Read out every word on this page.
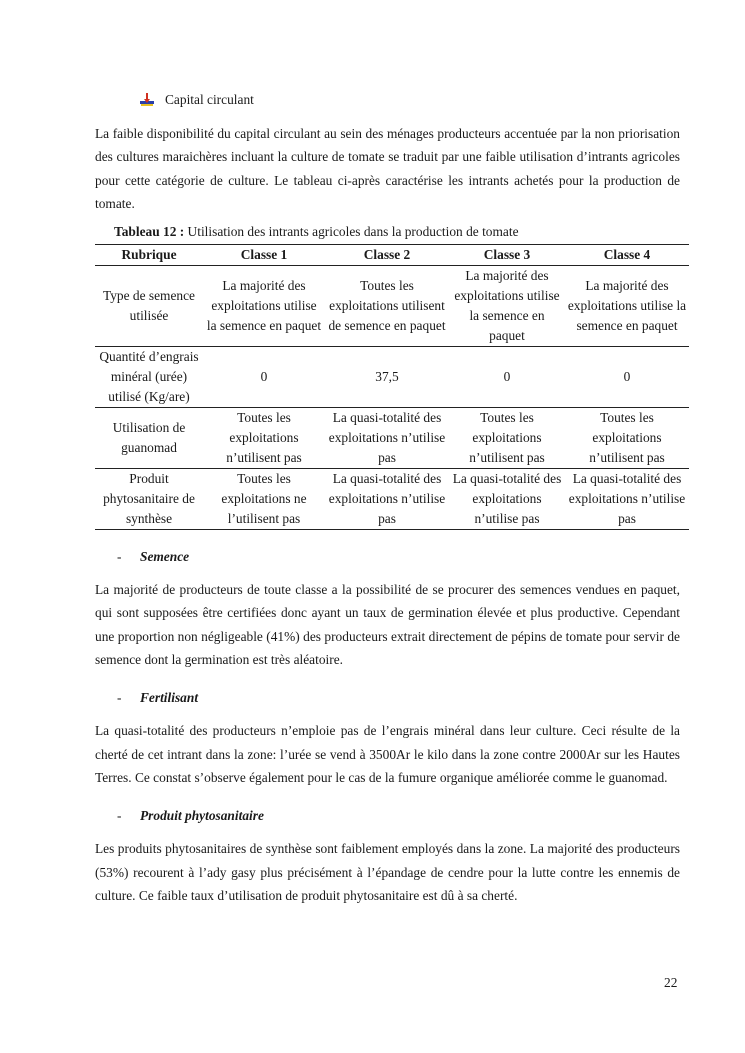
Capital circulant

La faible disponibilité du capital circulant au sein des ménages producteurs accentuée par la non priorisation des cultures maraichères incluant la culture de tomate se traduit par une faible utilisation d’intrants agricoles pour cette catégorie de culture. Le tableau ci-après caractérise les intrants achetés pour la production de tomate.

Tableau 12 : Utilisation des intrants agricoles dans la production de tomate
Rubrique	Classe 1	Classe 2	Classe 3	Classe 4
Type de semence utilisée	La majorité des exploitations utilise la semence en paquet	Toutes les exploitations utilisent de semence en paquet	La majorité des exploitations utilise la semence en paquet	La majorité des exploitations utilise la semence en paquet
Quantité d’engrais minéral (urée) utilisé (Kg/are)	0	37,5	0	0
Utilisation de guanomad	Toutes les exploitations n’utilisent pas	La quasi-totalité des exploitations n’utilise pas	Toutes les exploitations n’utilisent pas	Toutes les exploitations n’utilisent pas
Produit phytosanitaire de synthèse	Toutes les exploitations ne l’utilisent pas	La quasi-totalité des exploitations n’utilise pas	La quasi-totalité des exploitations n’utilise pas	La quasi-totalité des exploitations n’utilise pas
- Semence

La majorité de producteurs de toute classe a la possibilité de se procurer des semences vendues en paquet, qui sont supposées être certifiées donc ayant un taux de germination élevée et plus productive. Cependant une proportion non négligeable (41%) des producteurs extrait directement de pépins de tomate pour servir de semence dont la germination est très aléatoire.

- Fertilisant

La quasi-totalité des producteurs n’emploie pas de l’engrais minéral dans leur culture. Ceci résulte de la cherté de cet intrant dans la zone: l’urée se vend à 3500Ar le kilo dans la zone contre 2000Ar sur les Hautes Terres. Ce constat s’observe également pour le cas de la fumure organique améliorée comme le guanomad.

- Produit phytosanitaire

Les produits phytosanitaires de synthèse sont faiblement employés dans la zone. La majorité des producteurs (53%) recourent à l’ady gasy plus précisément à l’épandage de cendre pour la lutte contre les ennemis de culture. Ce faible taux d’utilisation de produit phytosanitaire est dû à sa cherté.

22
